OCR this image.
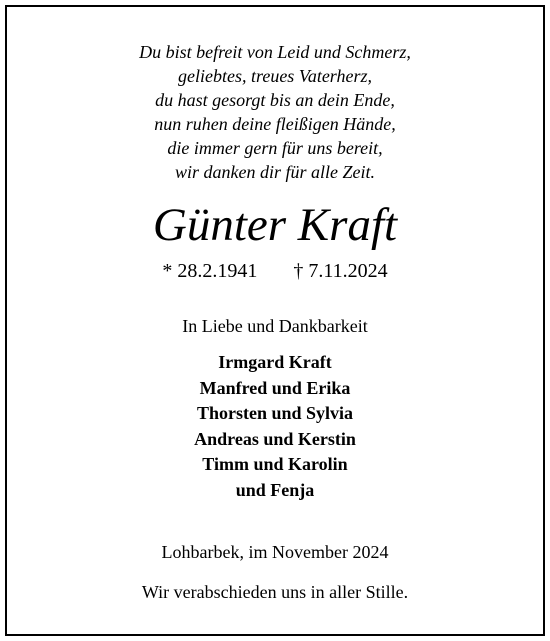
Du bist befreit von Leid und Schmerz,
geliebtes, treues Vaterherz,
du hast gesorgt bis an dein Ende,
nun ruhen deine fleißigen Hände,
die immer gern für uns bereit,
wir danken dir für alle Zeit.
Günter Kraft
* 28.2.1941 † 7.11.2024
In Liebe und Dankbarkeit
Irmgard Kraft
Manfred und Erika
Thorsten und Sylvia
Andreas und Kerstin
Timm und Karolin
und Fenja
Lohbarbek, im November 2024
Wir verabschieden uns in aller Stille.
